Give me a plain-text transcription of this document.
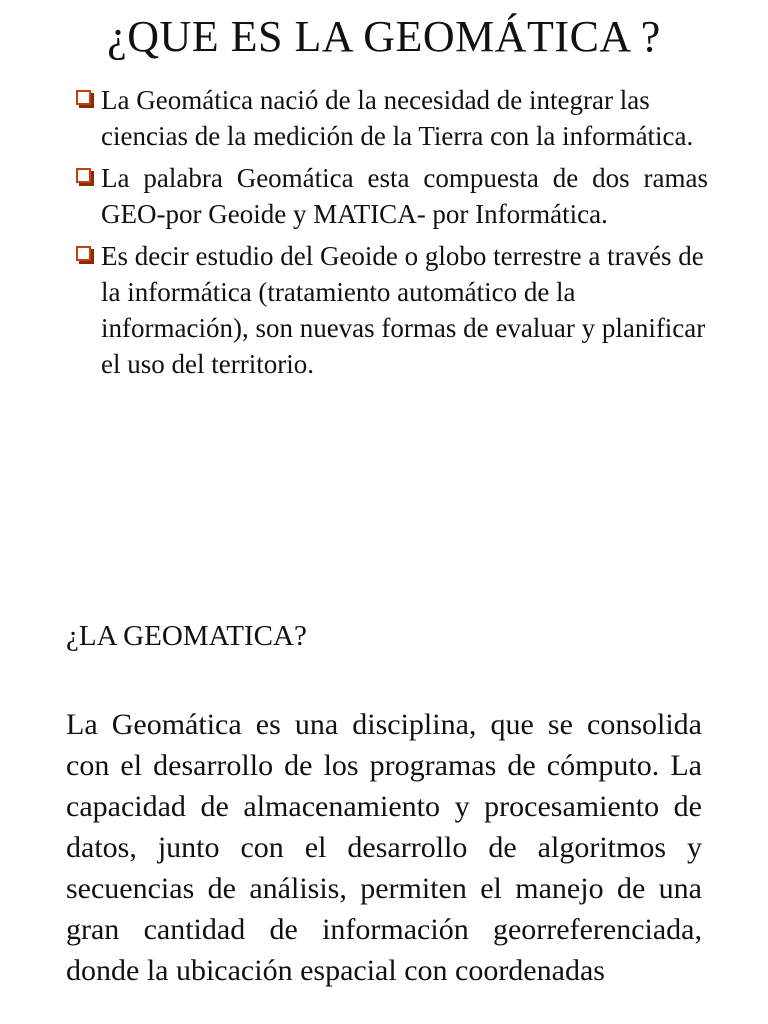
¿QUE ES LA GEOMÁTICA ?
La Geomática nació de la necesidad de integrar las ciencias de la medición de la Tierra con la informática.
La palabra Geomática esta compuesta de dos ramas GEO-por Geoide y MATICA- por Informática.
Es decir estudio del Geoide o globo terrestre a través de la informática (tratamiento automático de la información), son nuevas formas de evaluar y planificar el uso del territorio.
¿LA GEOMATICA?

La Geomática es una disciplina, que se consolida con el desarrollo de los programas de cómputo. La capacidad de almacenamiento y procesamiento de datos, junto con el desarrollo de algoritmos y secuencias de análisis, permiten el manejo de una gran cantidad de información georreferenciada, donde la ubicación espacial con coordenadas
